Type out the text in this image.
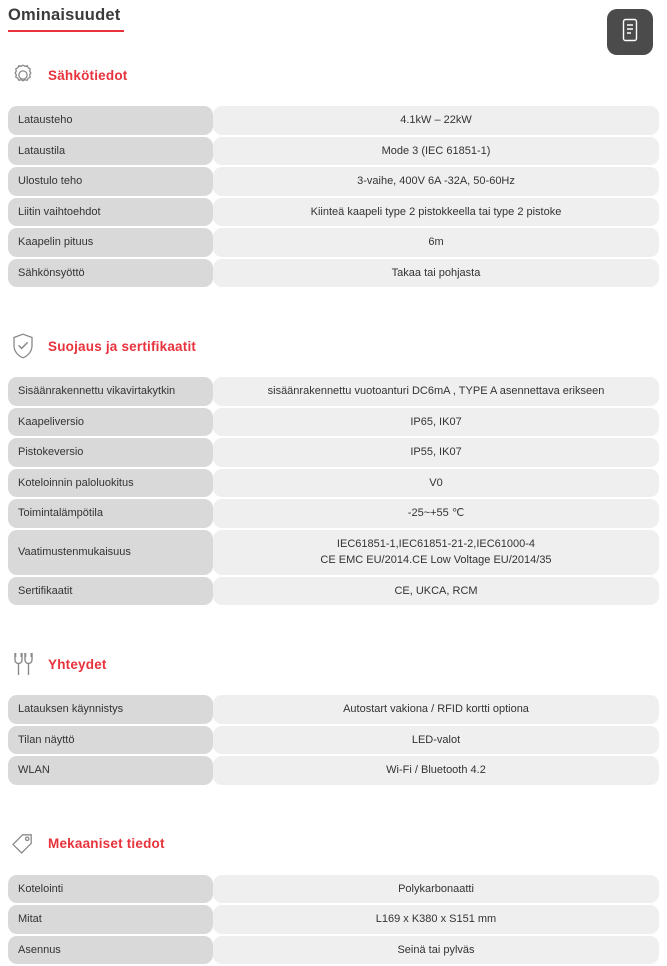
Ominaisuudet
Sähkötiedot
Latausteho	4.1kW – 22kW

Lataustila	Mode 3 (IEC 61851-1)

Ulostulo teho	3-vaihe, 400V 6A -32A, 50-60Hz

Liitin vaihtoehdot	Kiinteä kaapeli type 2 pistokkeella tai type 2 pistoke

Kaapelin pituus	6m

Sähkönsyöttö	Takaa tai pohjasta
Suojaus ja sertifikaatit
Sisäänrakennettu vikavirtakytkin	sisäänrakennettu vuotoanturi DC6mA , TYPE A asennettava erikseen

Kaapeliversio	IP65, IK07

Pistokeversio	IP55, IK07

Koteloinnin paloluokitus	V0

Toimintalämpötila	-25~+55 ℃

Vaatimustenmukaisuus	IEC61851-1,IEC61851-21-2,IEC61000-4
CE EMC EU/2014.CE Low Voltage EU/2014/35

Sertifikaatit	CE, UKCA, RCM
Yhteydet
Latauksen käynnistys	Autostart vakiona / RFID kortti optiona

Tilan näyttö	LED-valot

WLAN	Wi-Fi / Bluetooth 4.2
Mekaaniset tiedot
Kotelointi	Polykarbonaatti

Mitat	L169 x K380 x S151 mm

Asennus	Seinä tai pylväs
